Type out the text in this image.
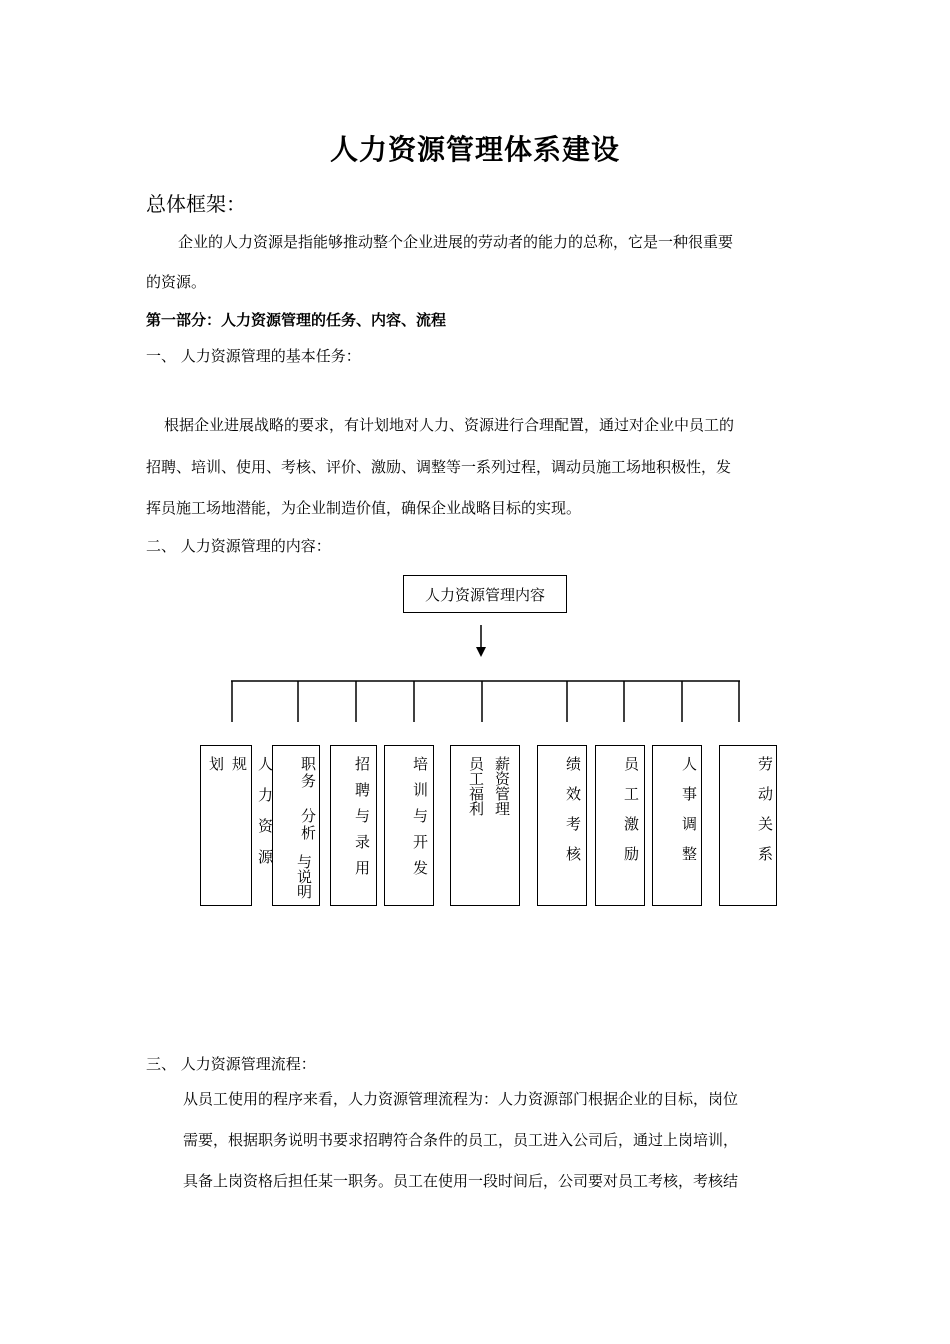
人力资源管理体系建设
总体框架：
企业的人力资源是指能够推动整个企业进展的劳动者的能力的总称，它是一种很重要
的资源。
第一部分：人力资源管理的任务、内容、流程
一、 人力资源管理的基本任务：
根据企业进展战略的要求，有计划地对人力、资源进行合理配置，通过对企业中员工的
招聘、培训、使用、考核、评价、激励、调整等一系列过程，调动员施工场地积极性，发
挥员施工场地潜能，为企业制造价值，确保企业战略目标的实现。
二、 人力资源管理的内容：
人力资源管理内容
人力资源规
划	职务
分析
与说明	招聘与录用	培训与开发	薪资管理
员工福利	绩效考核	员工激励	人事调整	劳动关系
三、 人力资源管理流程：
从员工使用的程序来看，人力资源管理流程为：人力资源部门根据企业的目标，岗位
需要，根据职务说明书要求招聘符合条件的员工，员工进入公司后，通过上岗培训，
具备上岗资格后担任某一职务。员工在使用一段时间后，公司要对员工考核，考核结
